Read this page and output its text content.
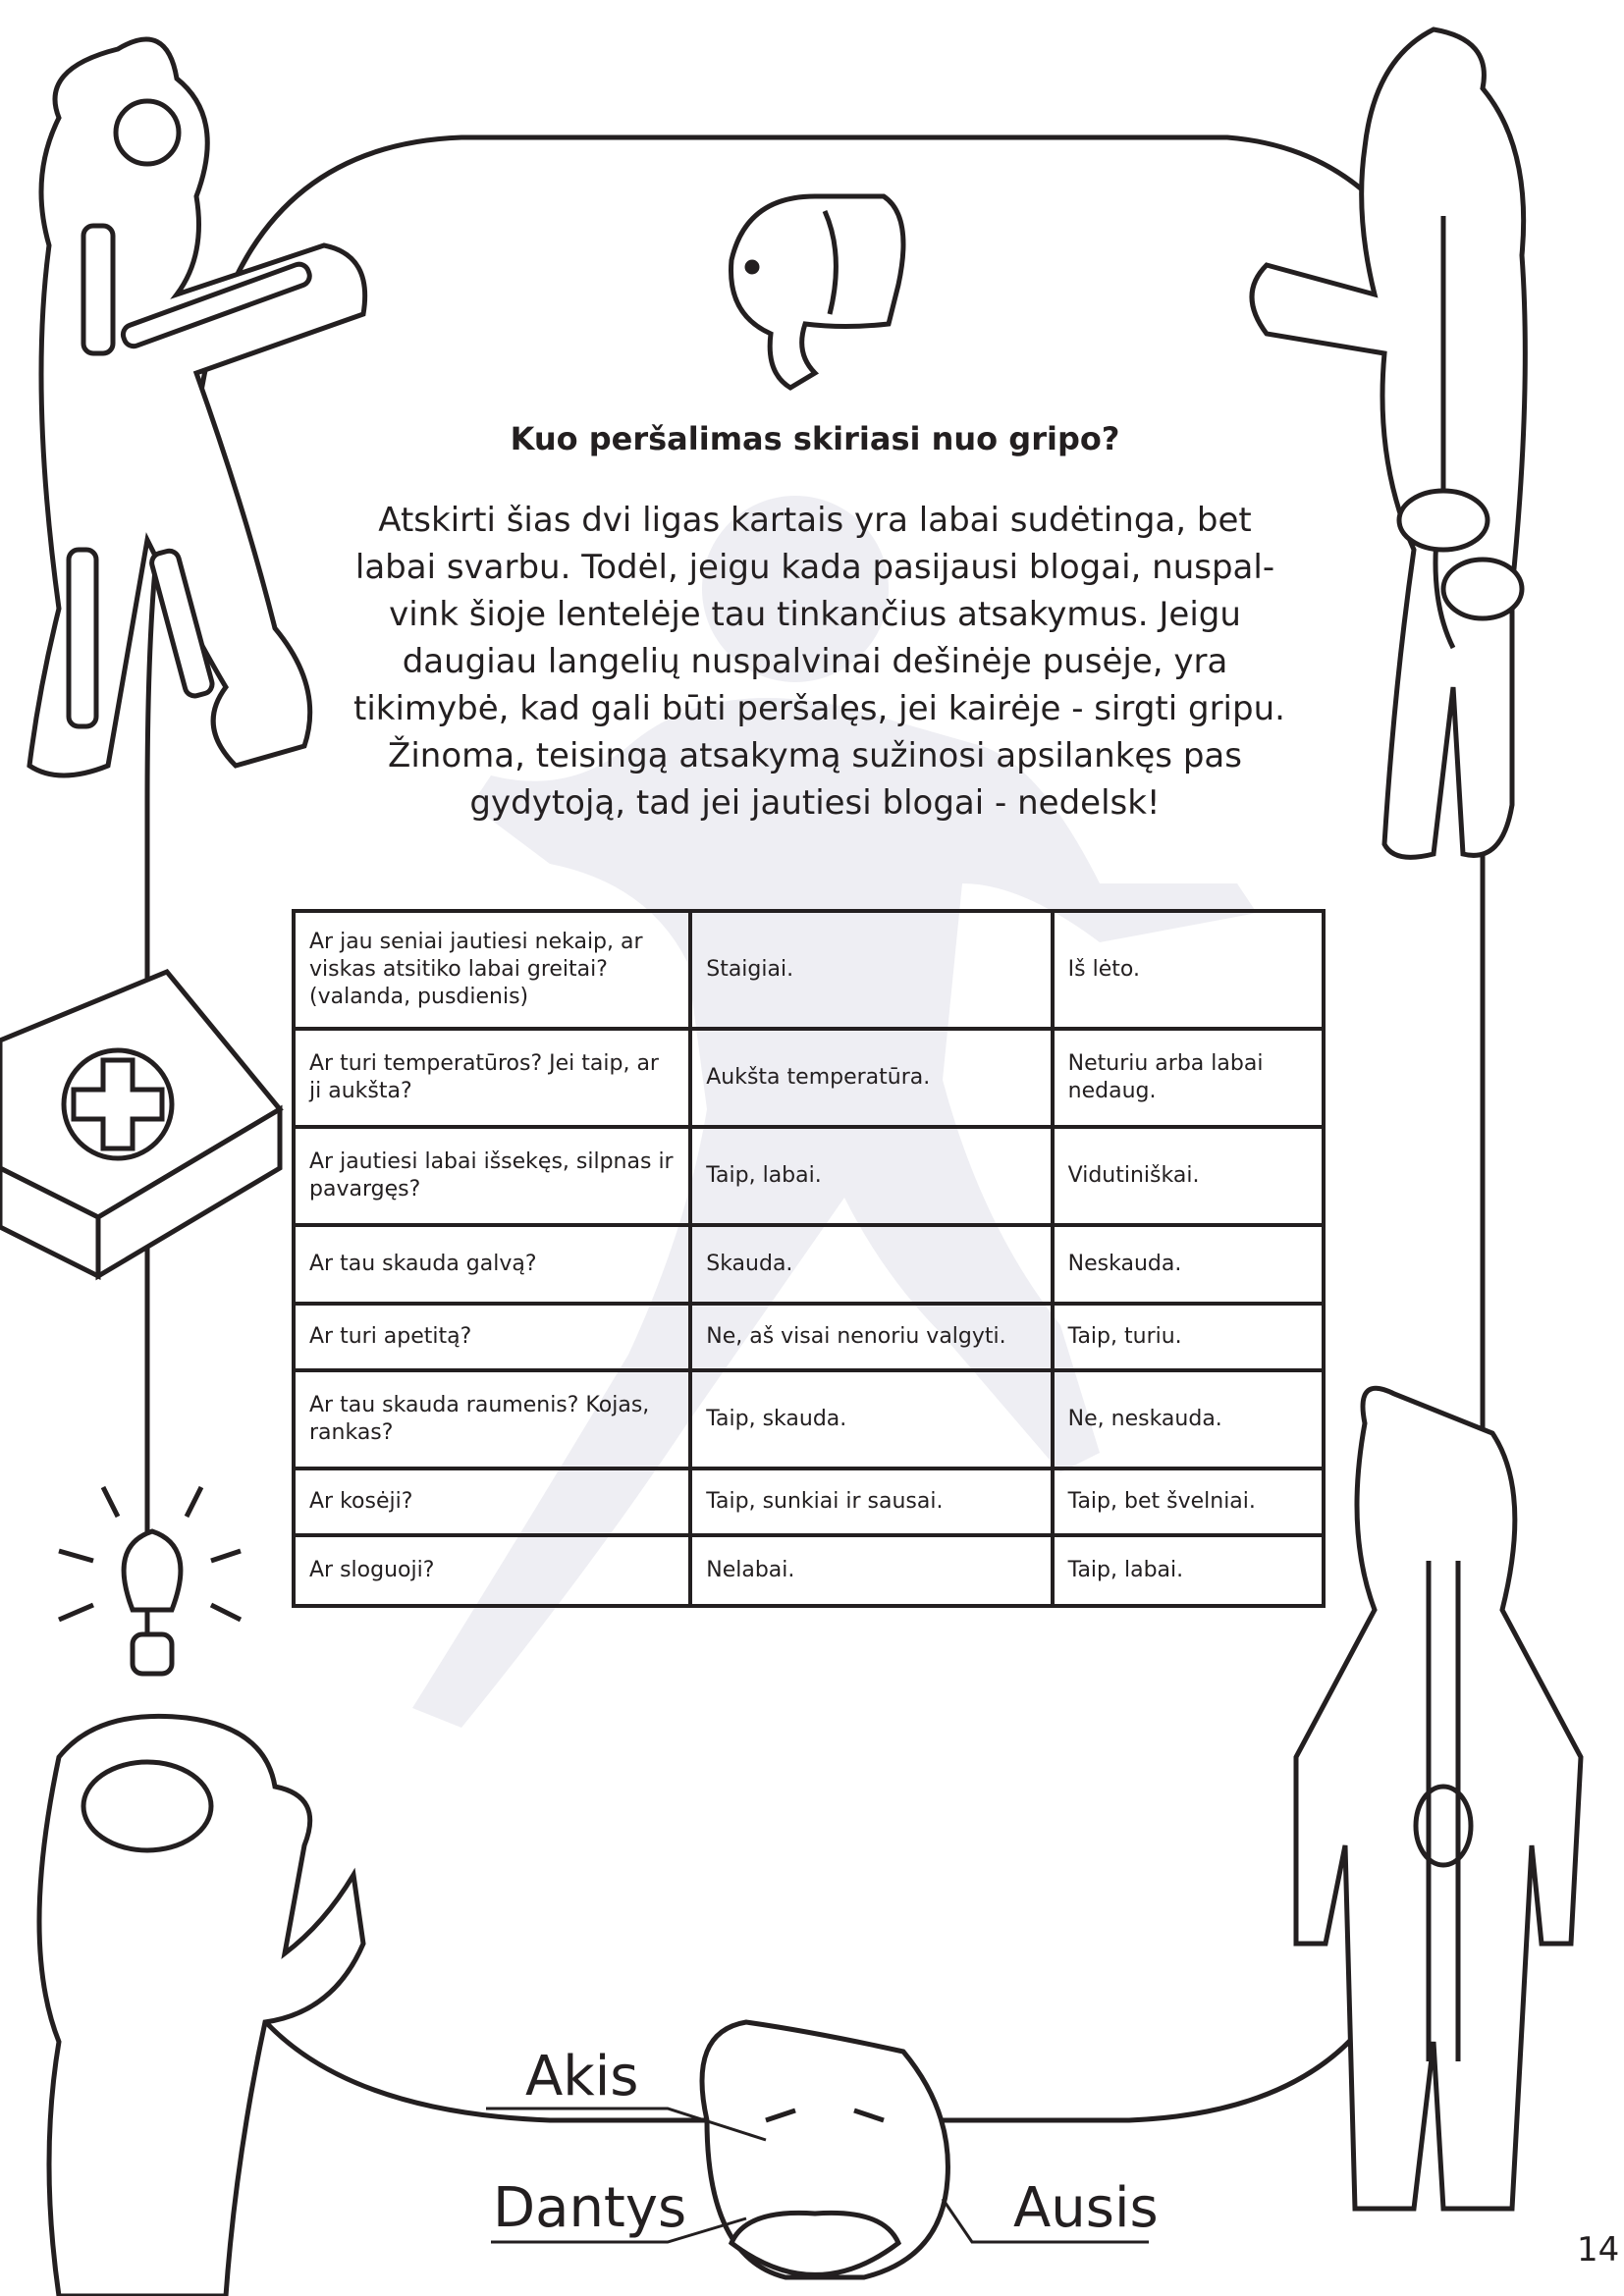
Kuo peršalimas skiriasi nuo gripo?

Atskirti šias dvi ligas kartais yra labai sudėtinga, bet
labai svarbu. Todėl, jeigu kada pasijausi blogai, nuspal-
vink šioje lentelėje tau tinkančius atsakymus. Jeigu
daugiau langelių nuspalvinai dešinėje pusėje, yra
tikimybė, kad gali būti peršalęs, jei kairėje - sirgti gripu.
Žinoma, teisingą atsakymą sužinosi apsilankęs pas
gydytoją, tad jei jautiesi blogai - nedelsk!

Ar jau seniai jautiesi nekaip, ar viskas atsitiko labai greitai? (valanda, pusdienis)	Staigiai.	Iš lėto.
Ar turi temperatūros? Jei taip, ar ji aukšta?	Aukšta temperatūra.	Neturiu arba labai nedaug.
Ar jautiesi labai išsekęs, silpnas ir pavargęs?	Taip, labai.	Vidutiniškai.
Ar tau skauda galvą?	Skauda.	Neskauda.
Ar turi apetitą?	Ne, aš visai nenoriu valgyti.	Taip, turiu.
Ar tau skauda raumenis? Kojas, rankas?	Taip, skauda.	Ne, neskauda.
Ar kosėji?	Taip, sunkiai ir sausai.	Taip, bet švelniai.
Ar sloguoji?	Nelabai.	Taip, labai.

Akis

Dantys	Ausis

14
